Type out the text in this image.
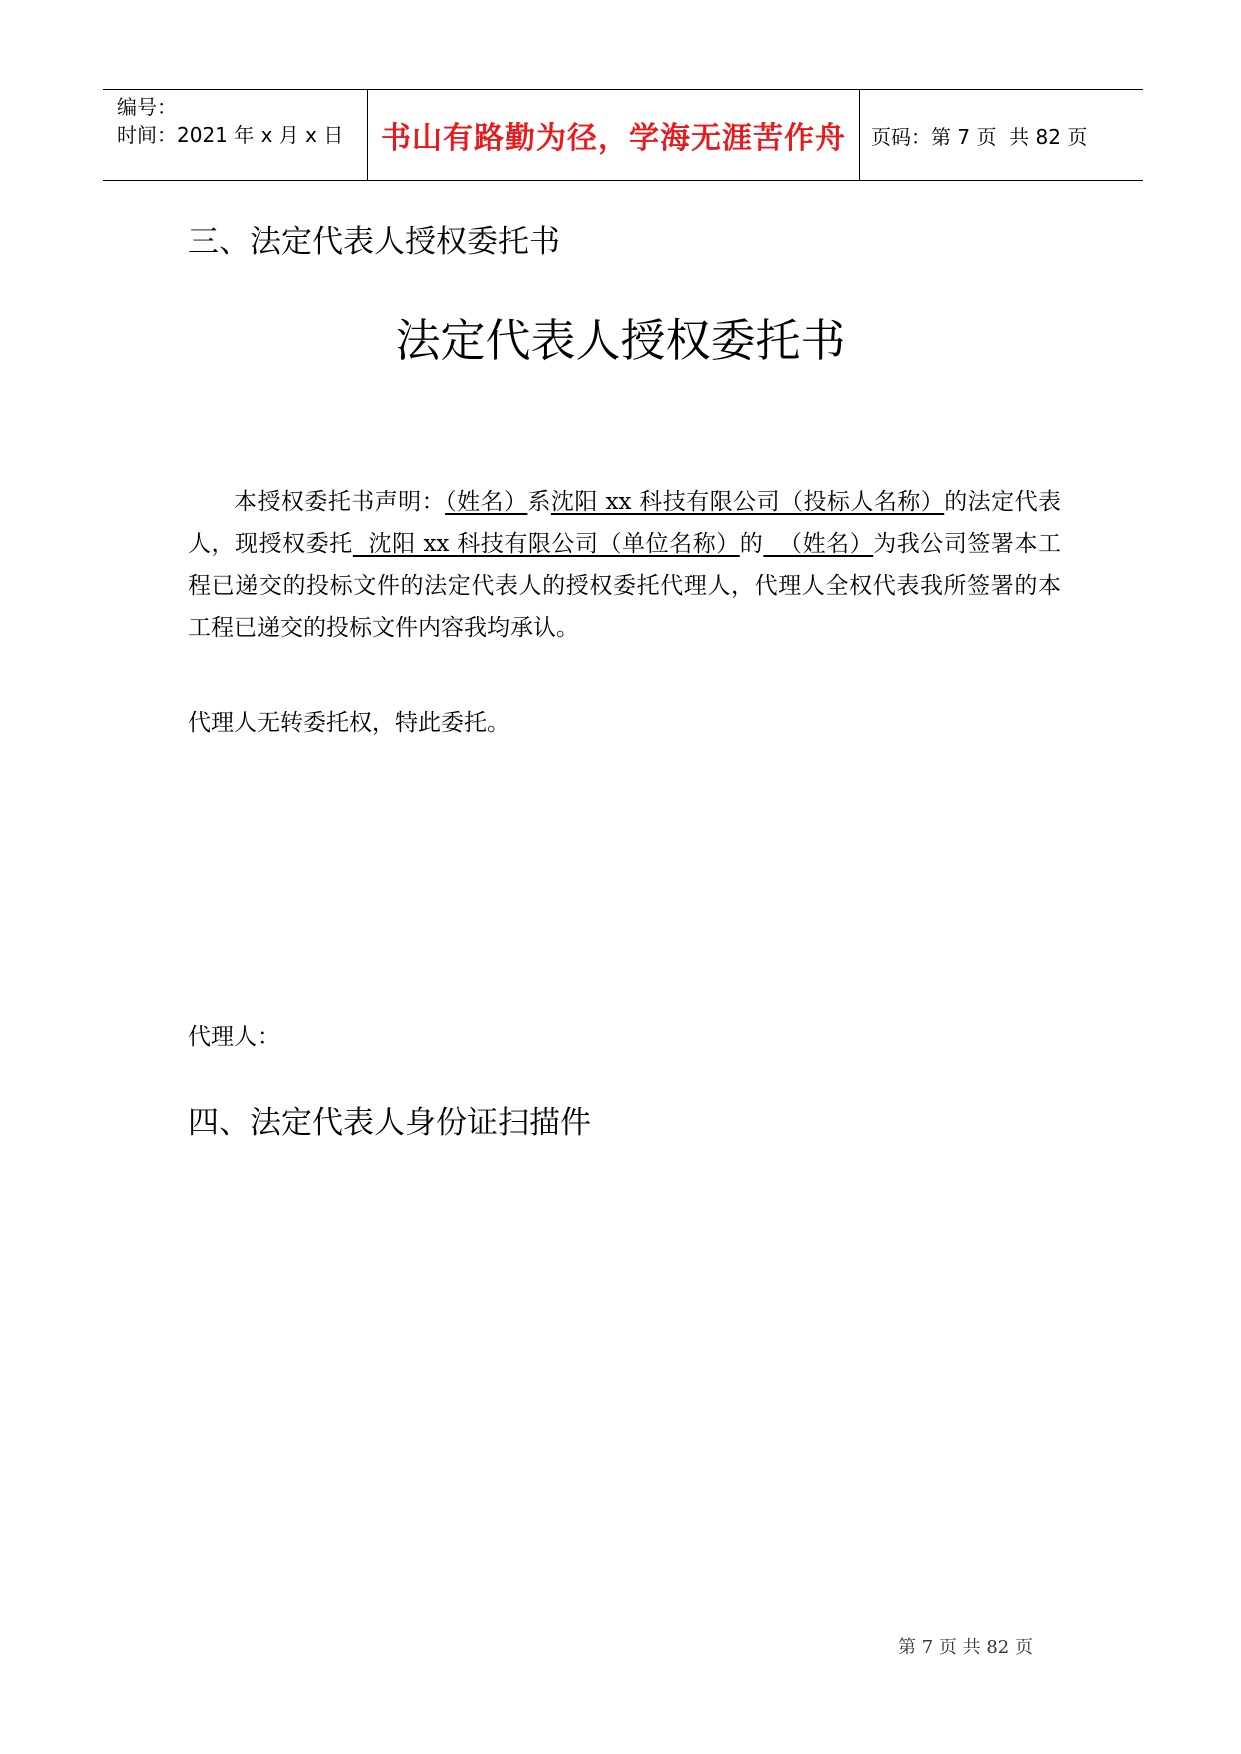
编号：
时间：2021 年 x 月 x 日	书山有路勤为径，学海无涯苦作舟	页码：第 7 页  共 82 页
三、法定代表人授权委托书
法定代表人授权委托书
本授权委托书声明：（姓名）系沈阳 xx 科技有限公司（投标人名称）的法定代表人，现授权委托  沈阳 xx 科技有限公司（单位名称）的  （姓名）为我公司签署本工程已递交的投标文件的法定代表人的授权委托代理人，代理人全权代表我所签署的本工程已递交的投标文件内容我均承认。
代理人无转委托权，特此委托。
代理人：
四、法定代表人身份证扫描件
第 7 页 共 82 页
